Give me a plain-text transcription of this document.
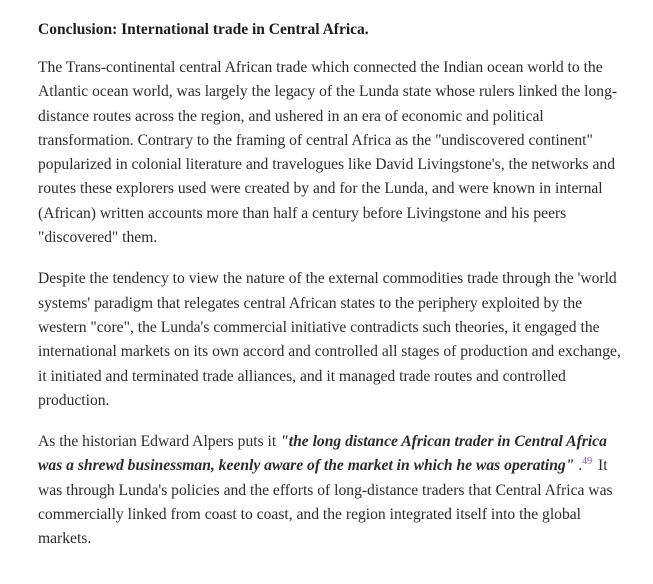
Conclusion: International trade in Central Africa.

The Trans-continental central African trade which connected the Indian ocean world to the Atlantic ocean world, was largely the legacy of the Lunda state whose rulers linked the long-distance routes across the region, and ushered in an era of economic and political transformation. Contrary to the framing of central Africa as the "undiscovered continent" popularized in colonial literature and travelogues like David Livingstone's, the networks and routes these explorers used were created by and for the Lunda, and were known in internal (African) written accounts more than half a century before Livingstone and his peers "discovered" them.

Despite the tendency to view the nature of the external commodities trade through the 'world systems' paradigm that relegates central African states to the periphery exploited by the western "core", the Lunda's commercial initiative contradicts such theories, it engaged the international markets on its own accord and controlled all stages of production and exchange, it initiated and terminated trade alliances, and it managed trade routes and controlled production.

As the historian Edward Alpers puts it "the long distance African trader in Central Africa was a shrewd businessman, keenly aware of the market in which he was operating" .$^{49}$ It was through Lunda's policies and the efforts of long-distance traders that Central Africa was commercially linked from coast to coast, and the region integrated itself into the global markets.
